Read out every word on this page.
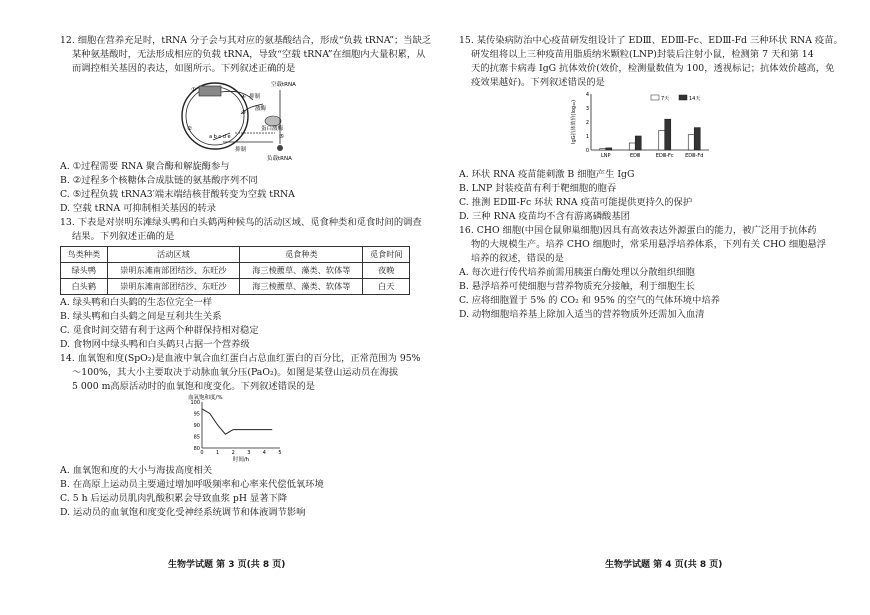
12. 细胞在营养充足时，tRNA 分子会与其对应的氨基酸结合，形成“负载 tRNA”；当缺乏
某种氨基酸时，无法形成相应的负载 tRNA，导致“空载 tRNA”在细胞内大量积累，从
而调控相关基因的表达，如图所示。下列叙述正确的是
空载tRNA
④ 抑制
激酶
③
蛋白激酶
①
②
⑤
a b c d e
抑制
负载tRNA
A. ①过程需要 RNA 聚合酶和解旋酶参与
B. ②过程多个核糖体合成肽链的氨基酸序列不同
C. ⑤过程负载 tRNA3′端末端结核苷酸转变为空载 tRNA
D. 空载 tRNA 可抑制相关基因的转录
13. 下表是对崇明东滩绿头鸭和白头鹤两种候鸟的活动区域、觅食种类和觅食时间的调查
结果。下列叙述正确的是
鸟类种类	活动区域	觅食种类	觅食时间
绿头鸭	崇明东滩南部团结沙、东旺沙	海三棱藨草、藻类、软体等	夜晚
白头鹤	崇明东滩南部团结沙、东旺沙	海三棱藨草、藻类、软体等	白天
A. 绿头鸭和白头鹤的生态位完全一样
B. 绿头鸭和白头鹤之间是互利共生关系
C. 觅食时间交错有利于这两个种群保持相对稳定
D. 食物网中绿头鸭和白头鹤只占据一个营养级
14. 血氧饱和度(SpO₂)是血液中氧合血红蛋白占总血红蛋白的百分比，正常范围为 95%
～100%，其大小主要取决于动脉血氧分压(PaO₂)。如图是某登山运动员在海拔
5 000 m高原活动时的血氧饱和度变化。下列叙述错误的是
血氧饱和度/%
80
85
90
95
100
0 1 2 3 4 5
时间/h
A. 血氧饱和度的大小与海拔高度相关
B. 在高原上运动员主要通过增加呼吸频率和心率来代偿低氧环境
C. 5 h 后运动员肌肉乳酸积累会导致血浆 pH 显著下降
D. 运动员的血氧饱和度变化受神经系统调节和体液调节影响
生物学试题 第 3 页(共 8 页)
15. 某传染病防治中心疫苗研发组设计了 EDⅢ、EDⅢ-Fc、EDⅢ-Fd 三种环状 RNA 疫苗。
研发组将以上三种疫苗用脂质纳米颗粒(LNP)封装后注射小鼠，检测第 7 天和第 14
天的抗寨卡病毒 IgG 抗体效价(效价，检测量数值为 100，透视标记；抗体效价越高，免
疫效果越好)。下列叙述错误的是
0
1
2
3
4
IgG抗体效价(log₁₀)
LNP	EDⅢ	EDⅢ-Fc EDⅢ-Fd
7天	14天
A. 环状 RNA 疫苗能刺激 B 细胞产生 IgG
B. LNP 封装疫苗有利于靶细胞的胞吞
C. 推测 EDⅢ-Fc 环状 RNA 疫苗可能提供更持久的保护
D. 三种 RNA 疫苗均不含有游离磷酸基团
16. CHO 细胞(中国仓鼠卵巢细胞)因具有高效表达外源蛋白的能力，被广泛用于抗体药
物的大规模生产。培养 CHO 细胞时，常采用悬浮培养体系，下列有关 CHO 细胞悬浮
培养的叙述，错误的是
A. 每次进行传代培养前需用胰蛋白酶处理以分散组织细胞
B. 悬浮培养可使细胞与营养物质充分接触，利于细胞生长
C. 应将细胞置于 5% 的 CO₂ 和 95% 的空气的气体环境中培养
D. 动物细胞培养基上除加入适当的营养物质外还需加入血清
生物学试题 第 4 页(共 8 页)
